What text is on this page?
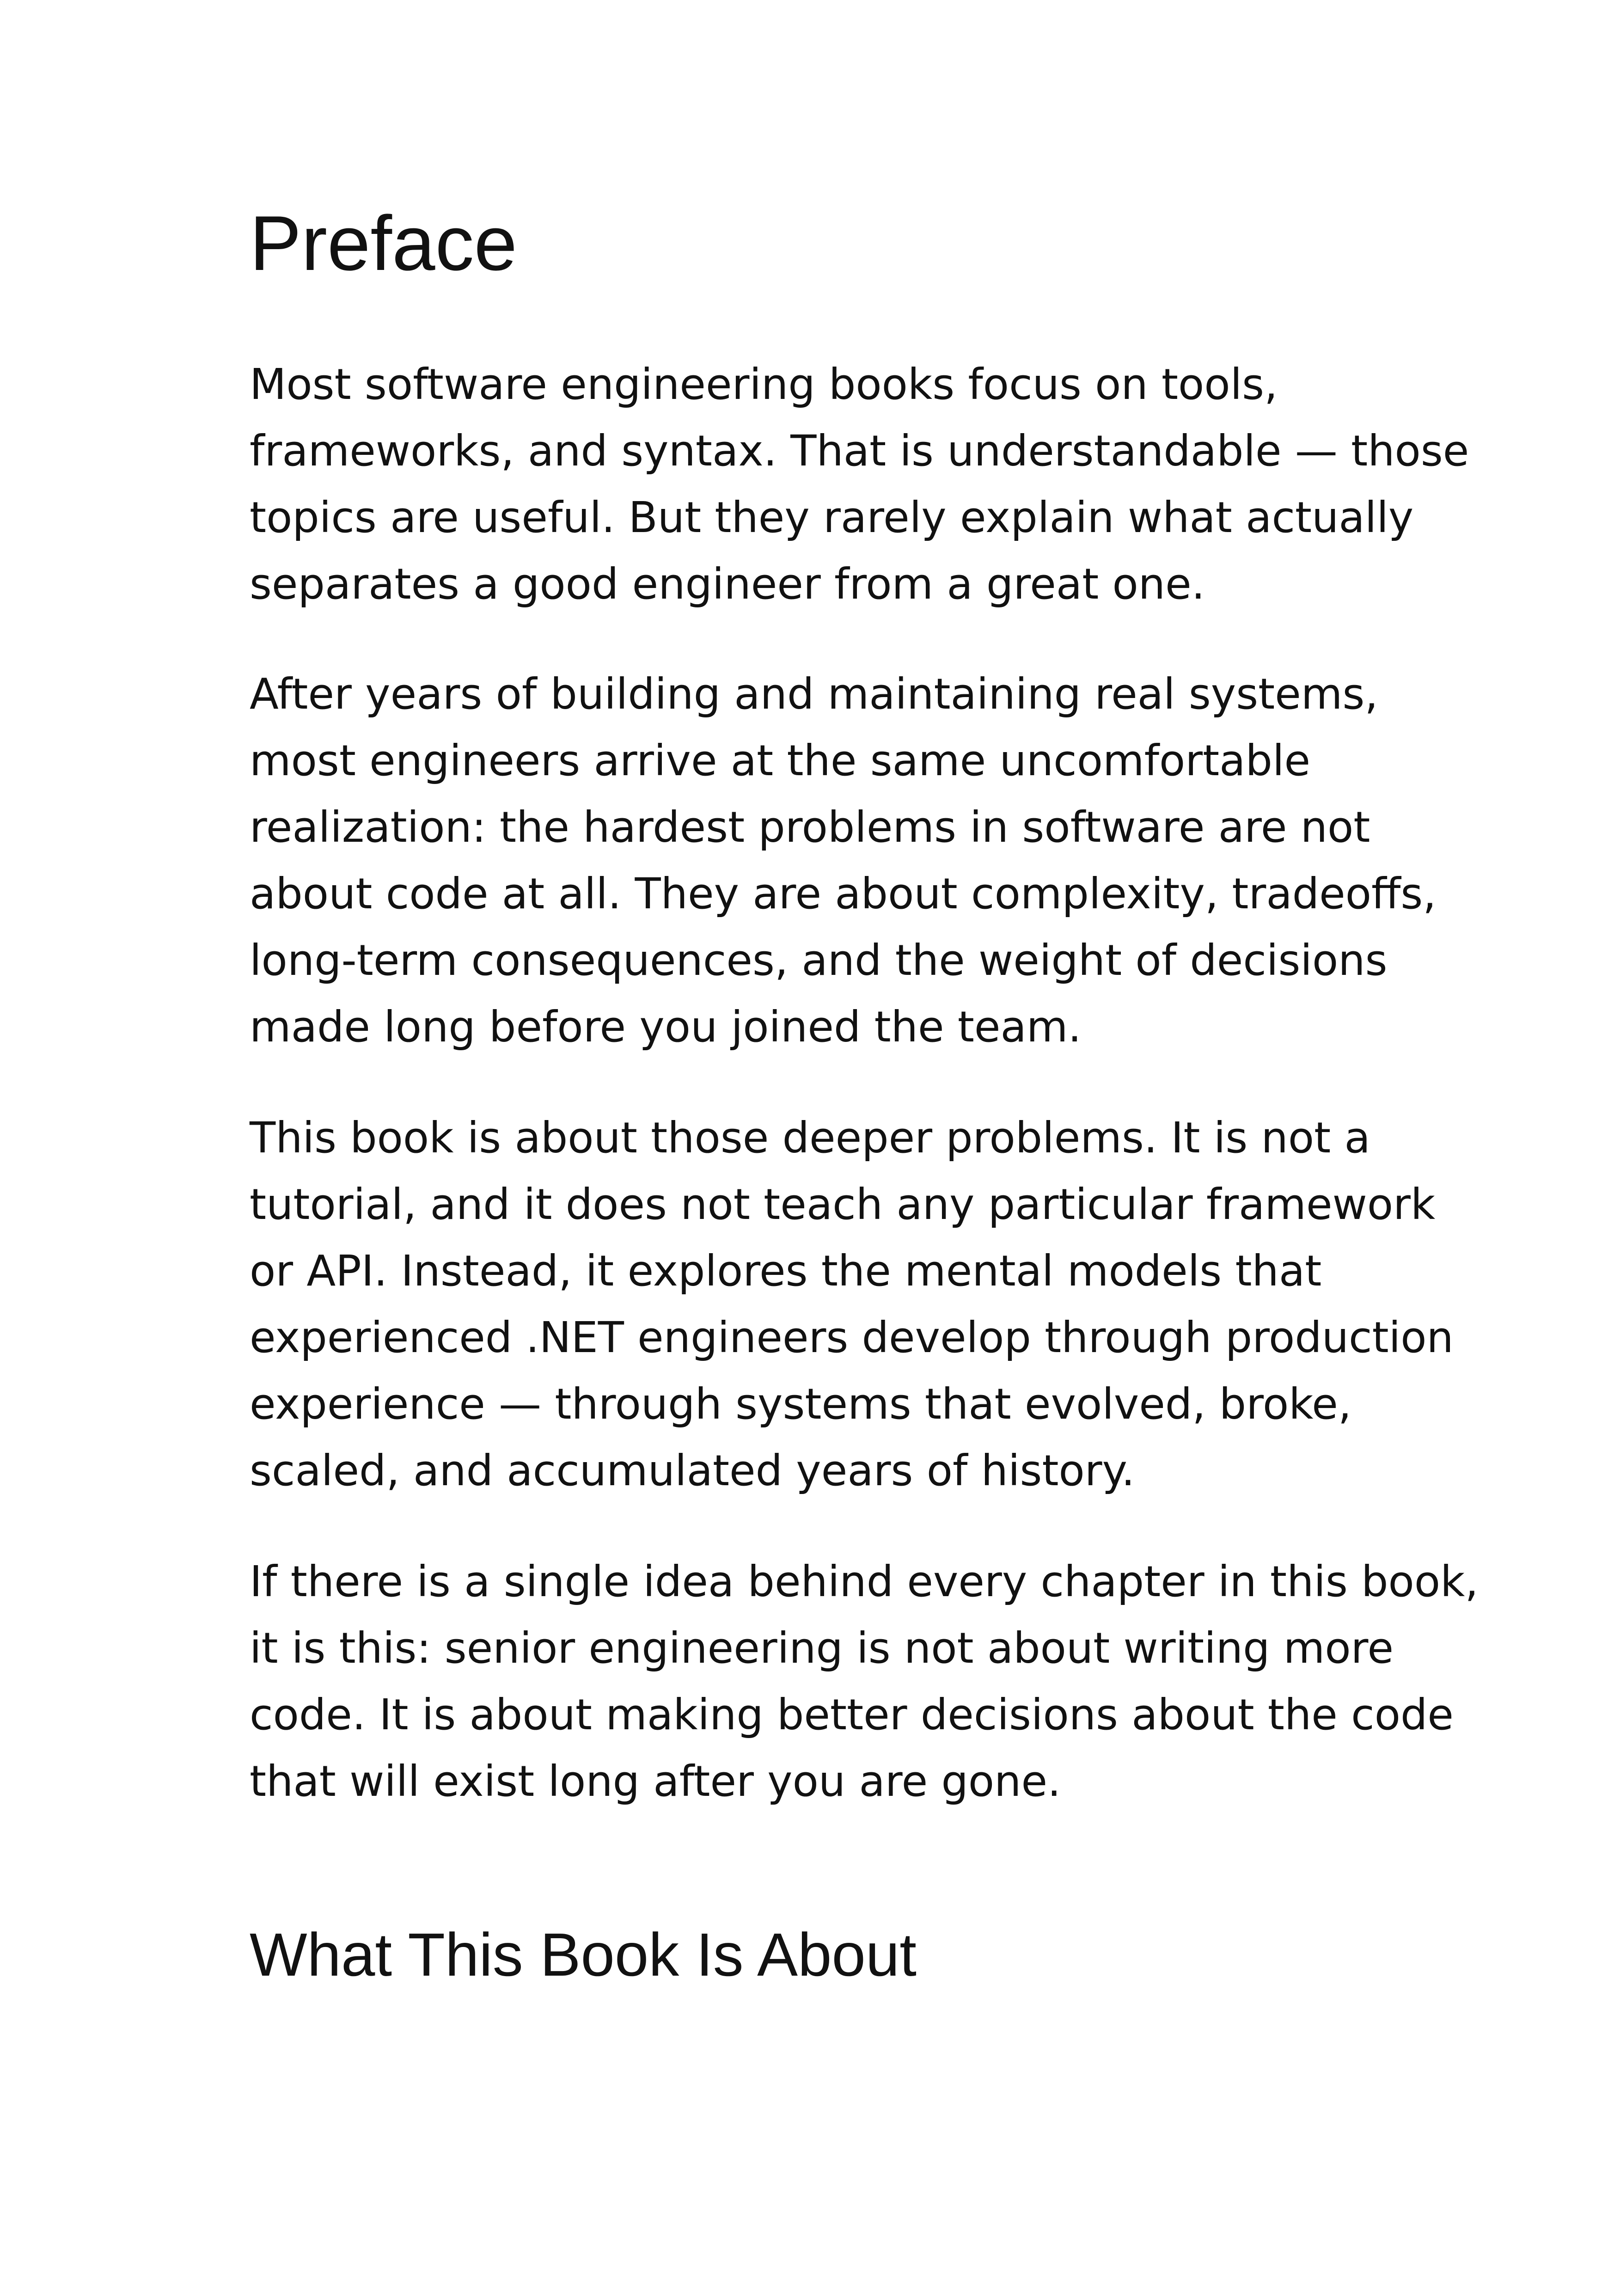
Preface

Most software engineering books focus on tools,
frameworks, and syntax. That is understandable — those
topics are useful. But they rarely explain what actually
separates a good engineer from a great one.

After years of building and maintaining real systems,
most engineers arrive at the same uncomfortable
realization: the hardest problems in software are not
about code at all. They are about complexity, tradeoffs,
long-term consequences, and the weight of decisions
made long before you joined the team.

This book is about those deeper problems. It is not a
tutorial, and it does not teach any particular framework
or API. Instead, it explores the mental models that
experienced .NET engineers develop through production
experience — through systems that evolved, broke,
scaled, and accumulated years of history.

If there is a single idea behind every chapter in this book,
it is this: senior engineering is not about writing more
code. It is about making better decisions about the code
that will exist long after you are gone.

What This Book Is About
